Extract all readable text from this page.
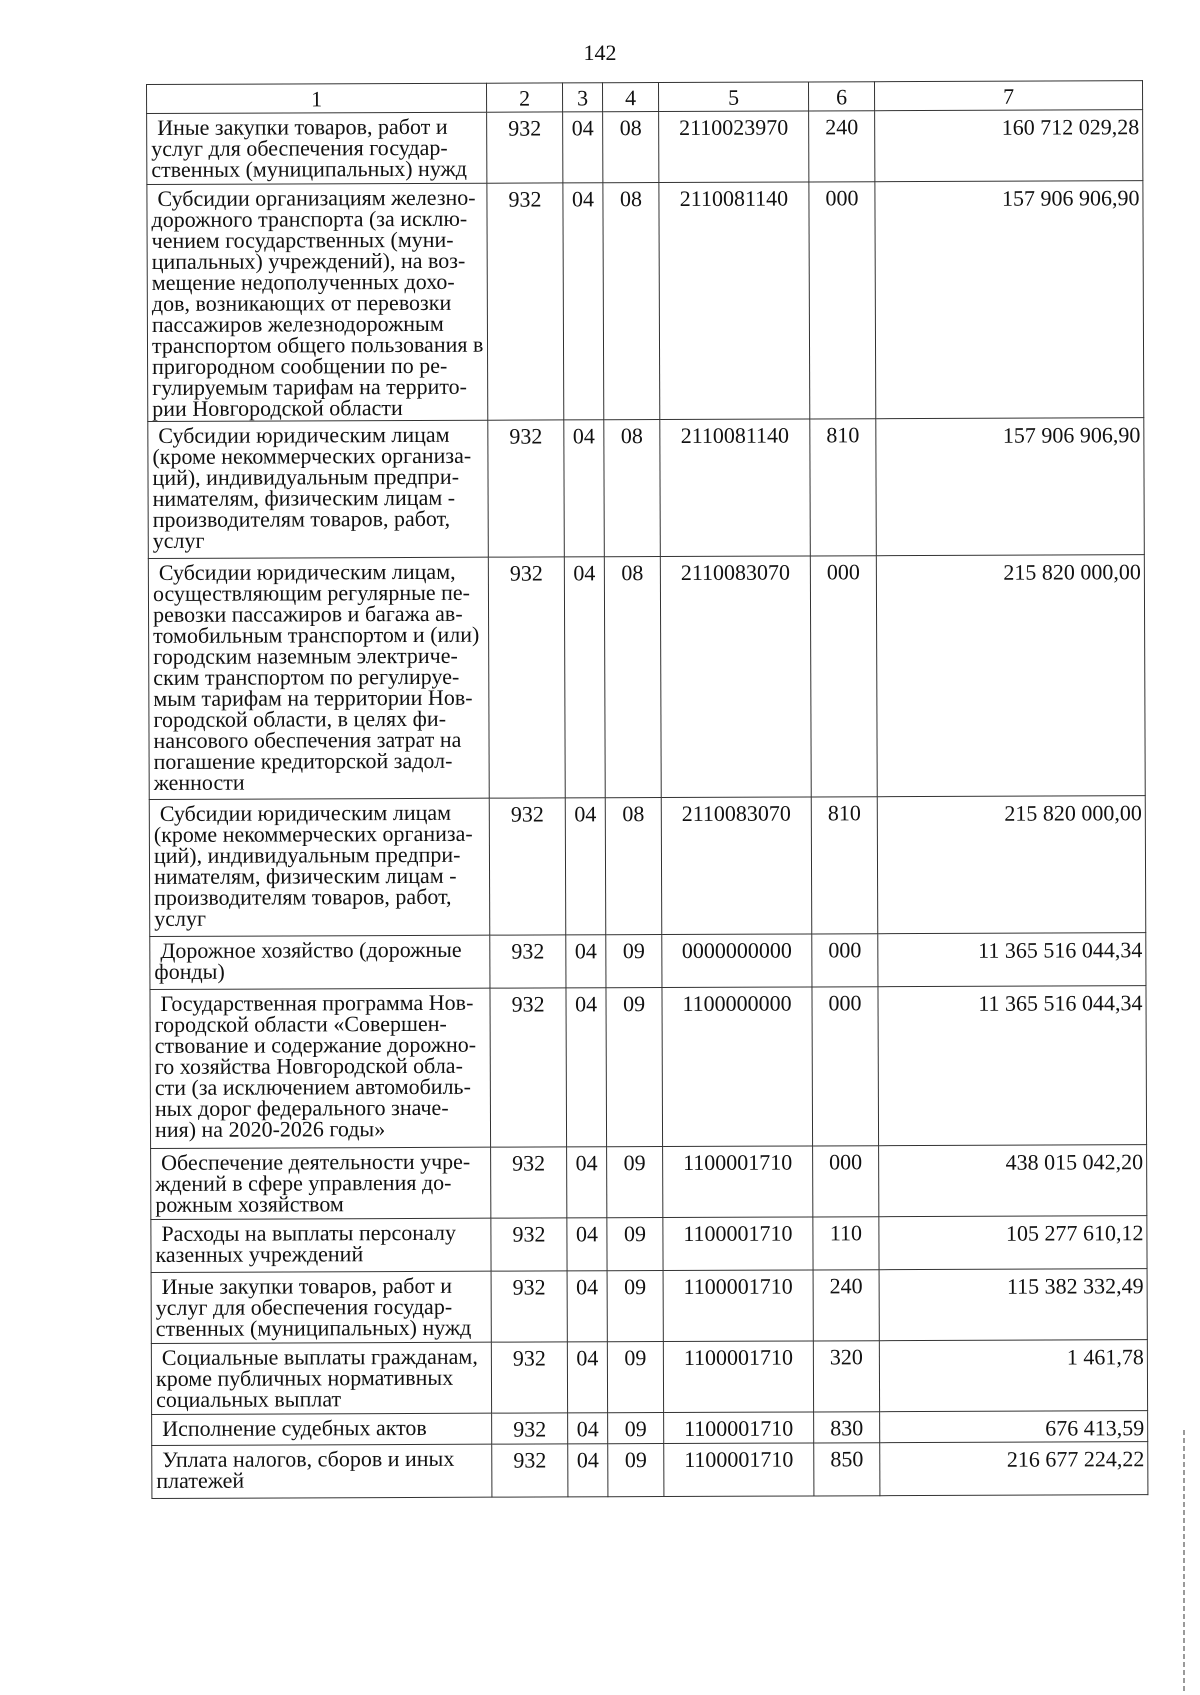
142
1	2	3	4	5	6	7
Иные закупки товаров, работ и услуг для обеспечения государ-ственных (муниципальных) нужд	932	04	08	2110023970	240	160 712 029,28
Субсидии организациям железно-дорожного транспорта (за исклю-чением государственных (муни-ципальных) учреждений), на воз-мещение недополученных дохо-дов, возникающих от перевозки пассажиров железнодорожным транспортом общего пользования в пригородном сообщении по ре-гулируемым тарифам на террито-рии Новгородской области	932	04	08	2110081140	000	157 906 906,90
Субсидии юридическим лицам (кроме некоммерческих организа-ций), индивидуальным предпри-нимателям, физическим лицам - производителям товаров, работ, услуг	932	04	08	2110081140	810	157 906 906,90
Субсидии юридическим лицам, осуществляющим регулярные пе-ревозки пассажиров и багажа ав-томобильным транспортом и (или) городским наземным электриче-ским транспортом по регулируе-мым тарифам на территории Нов-городской области, в целях фи-нансового обеспечения затрат на погашение кредиторской задол-женности	932	04	08	2110083070	000	215 820 000,00
Субсидии юридическим лицам (кроме некоммерческих организа-ций), индивидуальным предпри-нимателям, физическим лицам - производителям товаров, работ, услуг	932	04	08	2110083070	810	215 820 000,00
Дорожное хозяйство (дорожные фонды)	932	04	09	0000000000	000	11 365 516 044,34
Государственная программа Нов-городской области «Совершен-ствование и содержание дорожно-го хозяйства Новгородской обла-сти (за исключением автомобиль-ных дорог федерального значе-ния) на 2020-2026 годы»	932	04	09	1100000000	000	11 365 516 044,34
Обеспечение деятельности учре-ждений в сфере управления до-рожным хозяйством	932	04	09	1100001710	000	438 015 042,20
Расходы на выплаты персоналу казенных учреждений	932	04	09	1100001710	110	105 277 610,12
Иные закупки товаров, работ и услуг для обеспечения государ-ственных (муниципальных) нужд	932	04	09	1100001710	240	115 382 332,49
Социальные выплаты гражданам, кроме публичных нормативных социальных выплат	932	04	09	1100001710	320	1 461,78
Исполнение судебных актов	932	04	09	1100001710	830	676 413,59
Уплата налогов, сборов и иных платежей	932	04	09	1100001710	850	216 677 224,22
